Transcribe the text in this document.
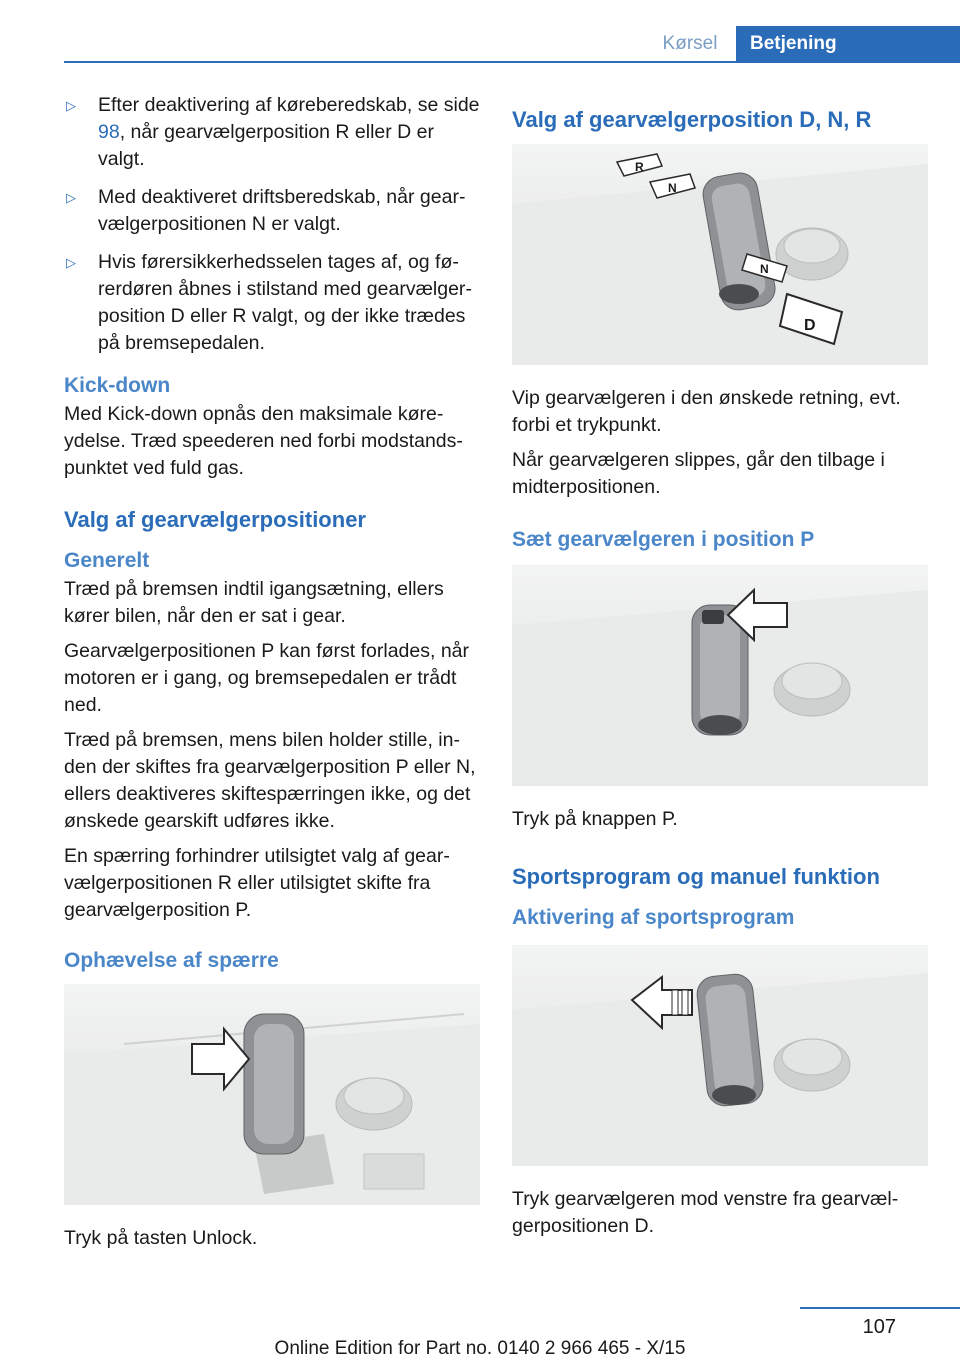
Kørsel	Betjening
▷	Efter deaktivering af køreberedskab, se side 98, når gearvælgerposition R eller D er valgt.
▷	Med deaktiveret driftsberedskab, når gearvælgerpositionen N er valgt.
▷	Hvis førersikkerhedsselen tages af, og førerdøren åbnes i stilstand med gearvælgerposition D eller R valgt, og der ikke trædes på bremsepedalen.
Kick-down
Med Kick-down opnås den maksimale køreydelse. Træd speederen ned forbi modstandspunktet ved fuld gas.
Valg af gearvælgerpositioner
Generelt
Træd på bremsen indtil igangsætning, ellers kører bilen, når den er sat i gear.
Gearvælgerpositionen P kan først forlades, når motoren er i gang, og bremsepedalen er trådt ned.
Træd på bremsen, mens bilen holder stille, inden der skiftes fra gearvælgerposition P eller N, ellers deaktiveres skiftespærringen ikke, og det ønskede gearskift udføres ikke.
En spærring forhindrer utilsigtet valg af gearvælgerpositionen R eller utilsigtet skifte fra gearvælgerposition P.
Ophævelse af spærre
Tryk på tasten Unlock.
Valg af gearvælgerposition D, N, R
R
N
N
D
Vip gearvælgeren i den ønskede retning, evt. forbi et trykpunkt.
Når gearvælgeren slippes, går den tilbage i midterpositionen.
Sæt gearvælgeren i position P
Tryk på knappen P.
Sportsprogram og manuel funktion
Aktivering af sportsprogram
Tryk gearvælgeren mod venstre fra gearvælgerpositionen D.
107
Online Edition for Part no. 0140 2 966 465 - X/15
